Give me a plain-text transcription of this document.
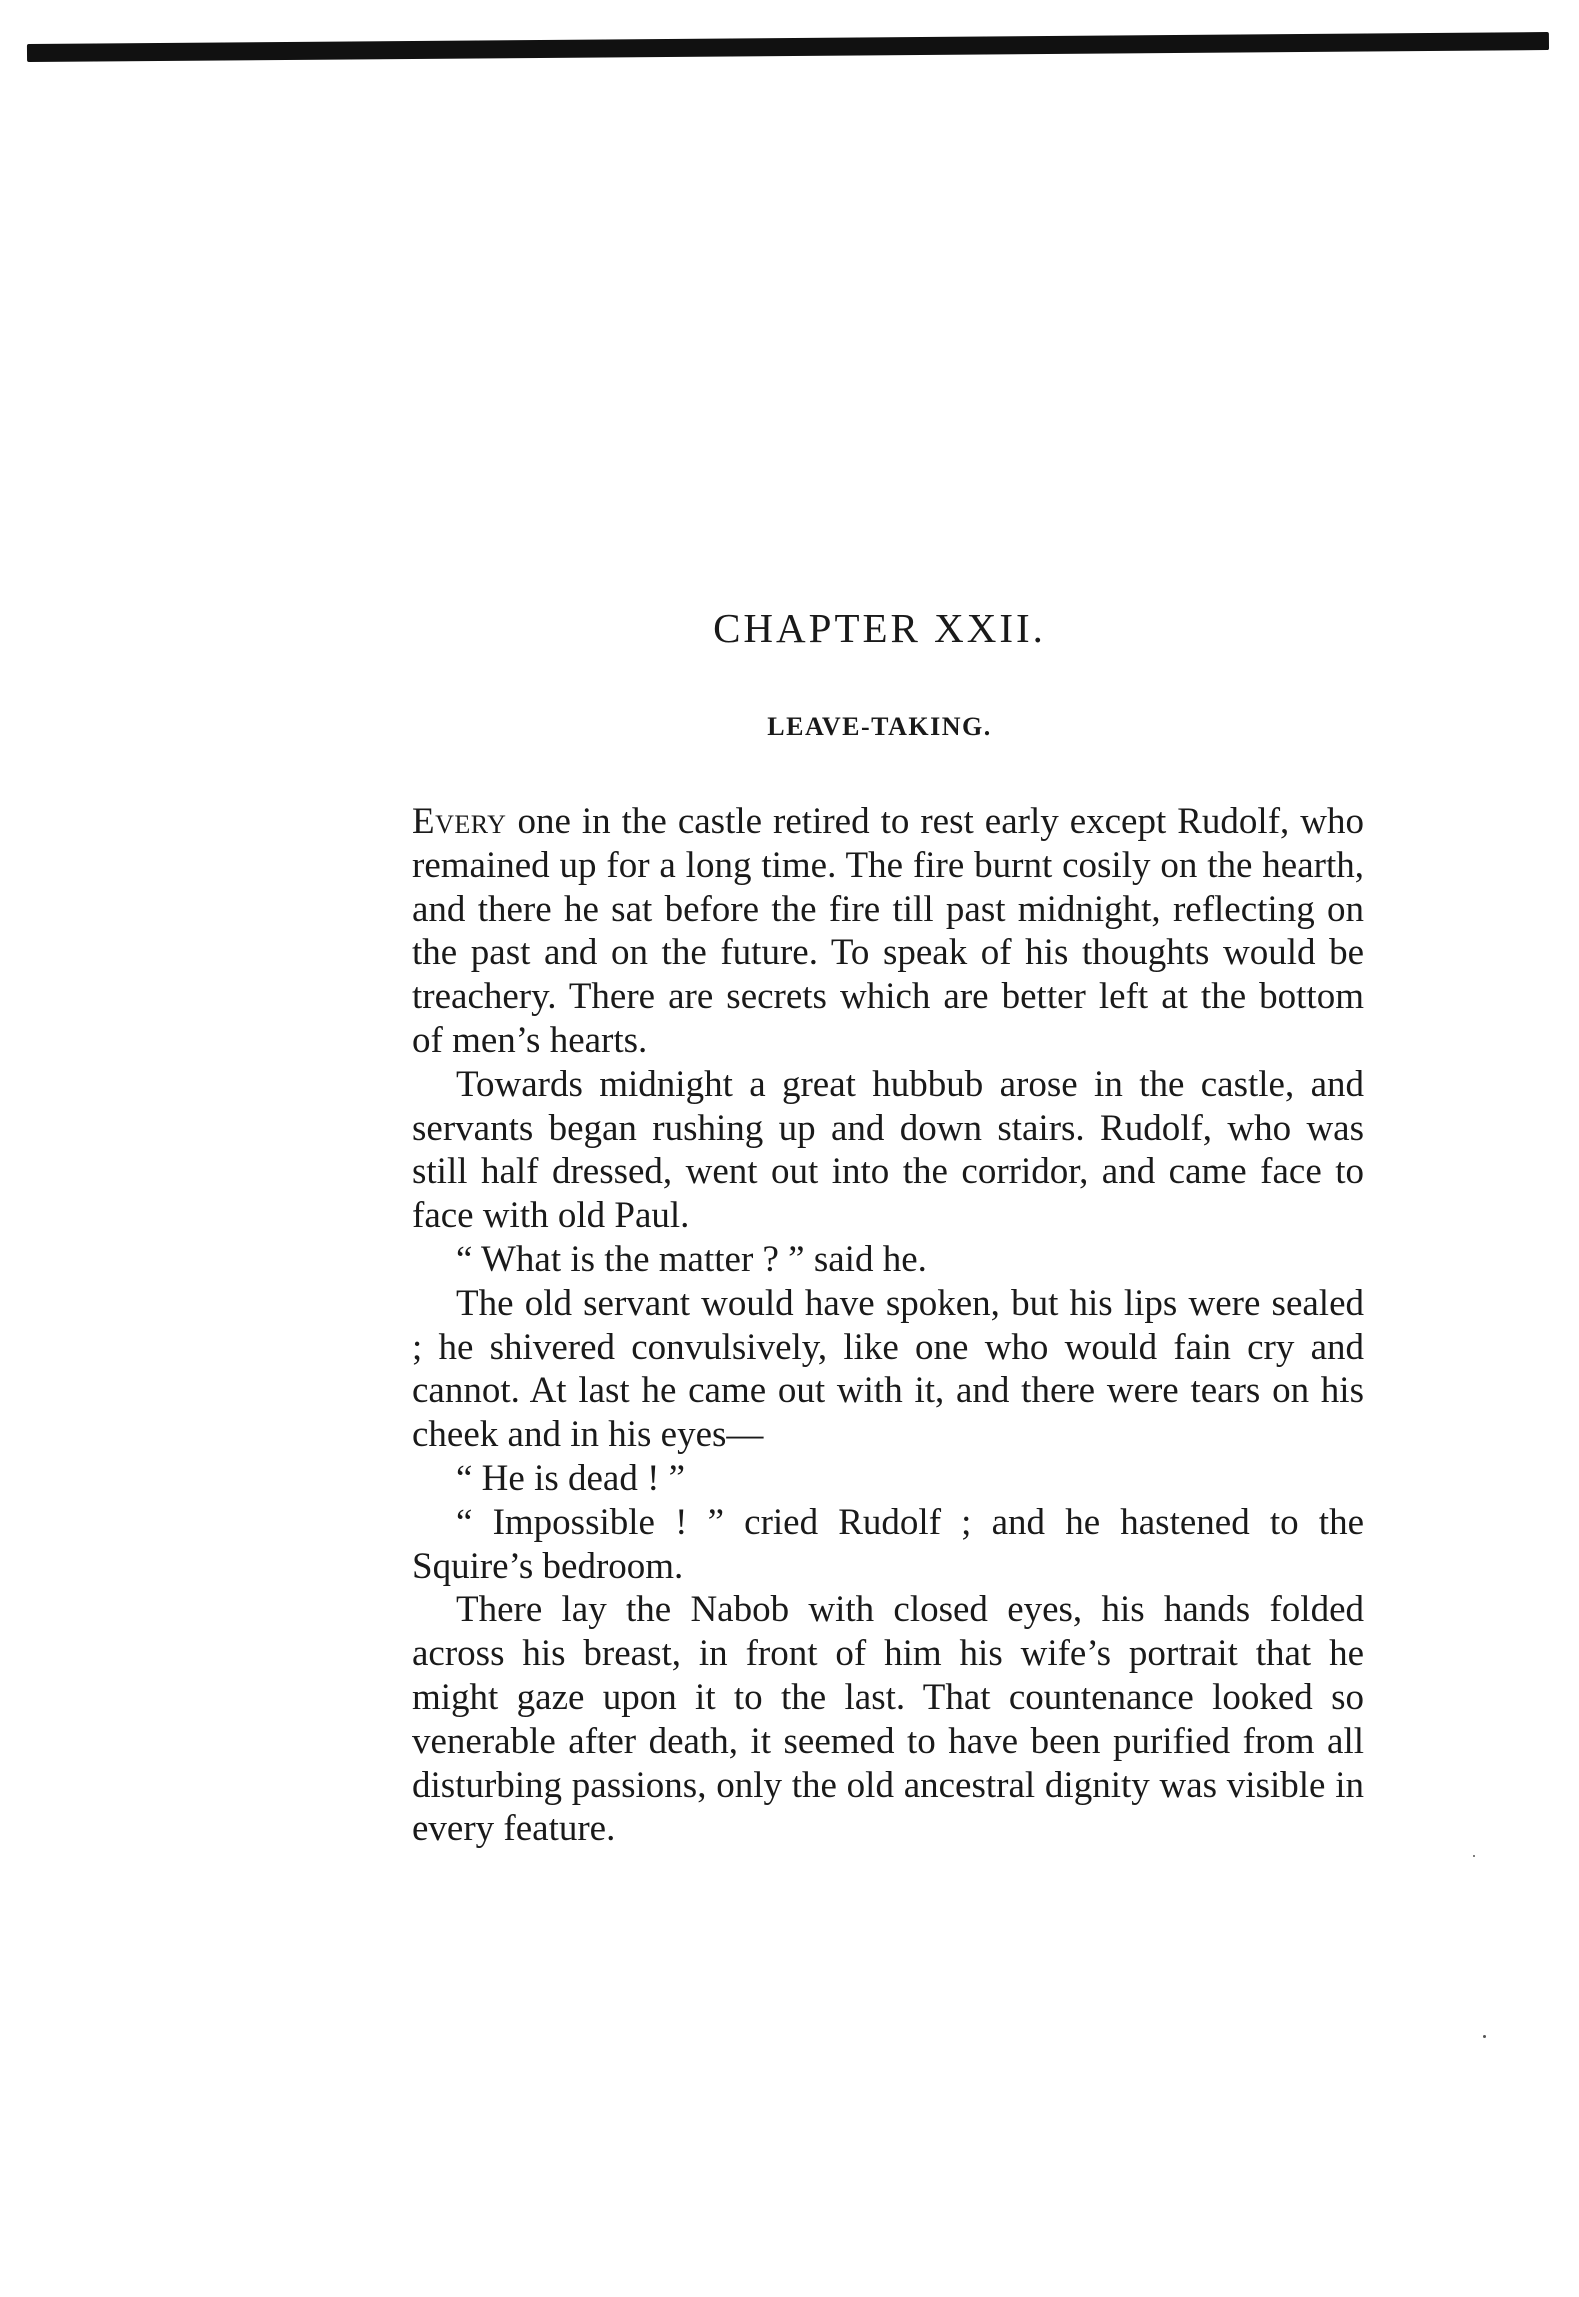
CHAPTER XXII.
LEAVE-TAKING.

Every one in the castle retired to rest early except Rudolf, who remained up for a long time. The fire burnt cosily on the hearth, and there he sat before the fire till past midnight, reflecting on the past and on the future. To speak of his thoughts would be treachery. There are secrets which are better left at the bottom of men’s hearts.

Towards midnight a great hubbub arose in the castle, and servants began rushing up and down stairs. Rudolf, who was still half dressed, went out into the corridor, and came face to face with old Paul.

“ What is the matter ? ” said he.

The old servant would have spoken, but his lips were sealed ; he shivered convulsively, like one who would fain cry and cannot. At last he came out with it, and there were tears on his cheek and in his eyes—

“ He is dead ! ”

“ Impossible ! ” cried Rudolf ; and he hastened to the Squire’s bedroom.

There lay the Nabob with closed eyes, his hands folded across his breast, in front of him his wife’s portrait that he might gaze upon it to the last. That countenance looked so venerable after death, it seemed to have been purified from all disturbing passions, only the old ancestral dignity was visible in every feature.
